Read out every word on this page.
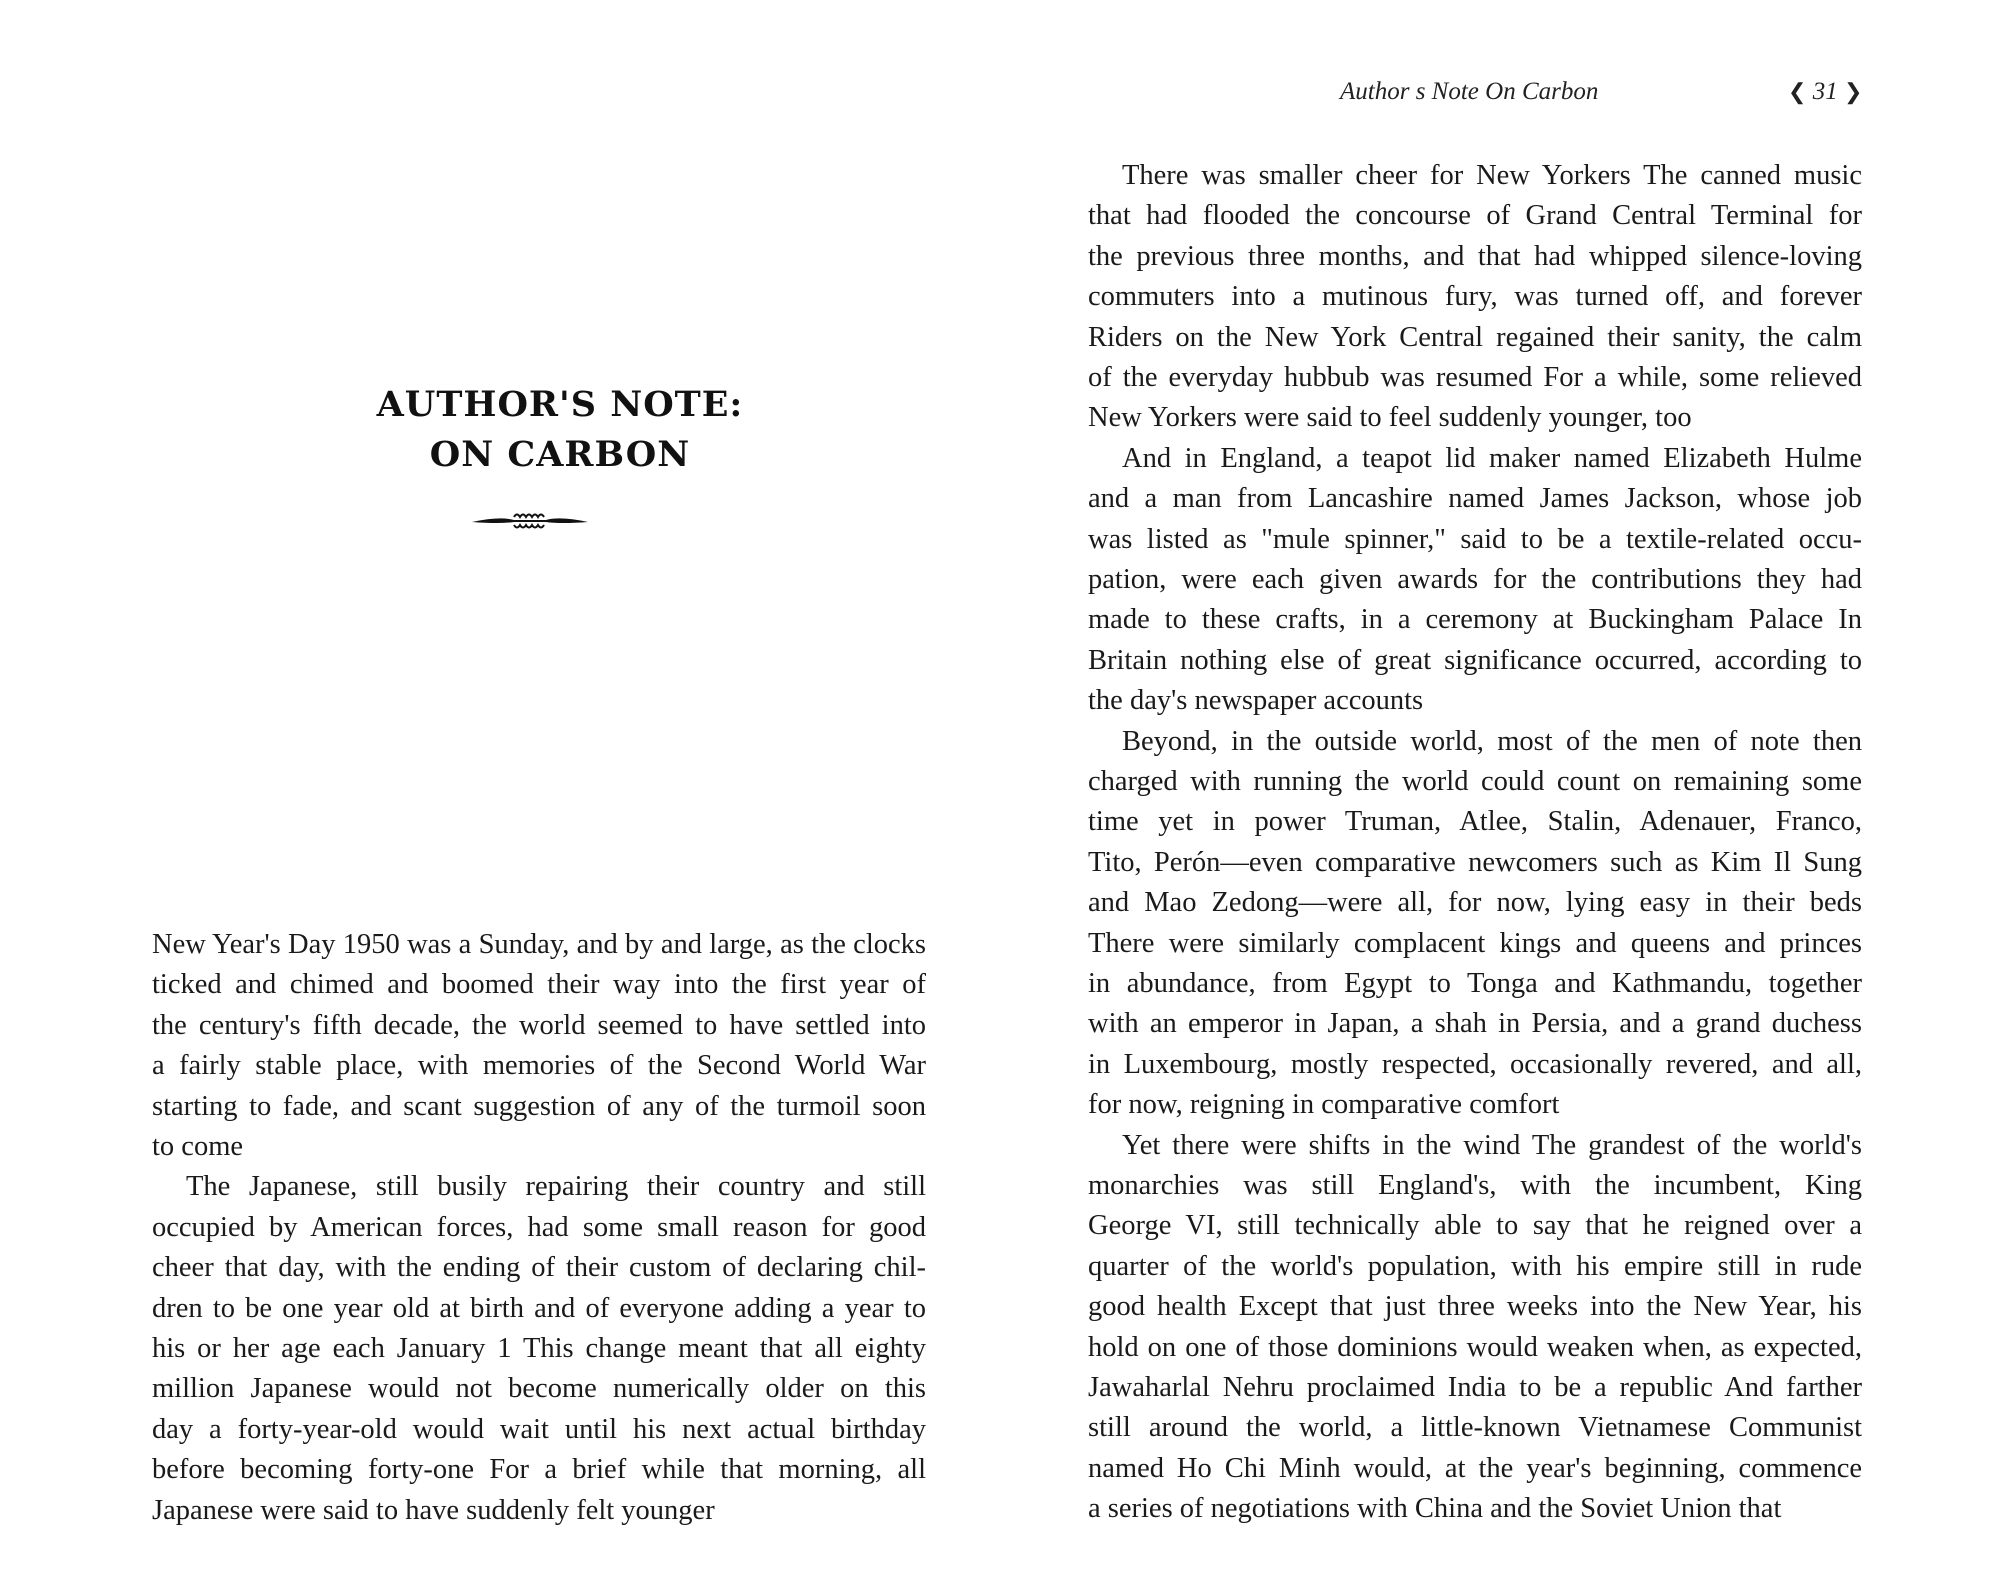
AUTHOR'S NOTE:
ON CARBON
New Year's Day 1950 was a Sunday, and by and large, as the clocks
ticked and chimed and boomed their way into the first year of
the century's fifth decade, the world seemed to have settled into
a fairly stable place, with memories of the Second World War
starting to fade, and scant suggestion of any of the turmoil soon
to come
The Japanese, still busily repairing their country and still
occupied by American forces, had some small reason for good
cheer that day, with the ending of their custom of declaring chil-
dren to be one year old at birth and of everyone adding a year to
his or her age each January 1 This change meant that all eighty
million Japanese would not become numerically older on this
day a forty-year-old would wait until his next actual birthday
before becoming forty-one For a brief while that morning, all
Japanese were said to have suddenly felt younger
Author s Note On Carbon	❮ 31 ❯
There was smaller cheer for New Yorkers The canned music
that had flooded the concourse of Grand Central Terminal for
the previous three months, and that had whipped silence-loving
commuters into a mutinous fury, was turned off, and forever
Riders on the New York Central regained their sanity, the calm
of the everyday hubbub was resumed For a while, some relieved
New Yorkers were said to feel suddenly younger, too
And in England, a teapot lid maker named Elizabeth Hulme
and a man from Lancashire named James Jackson, whose job
was listed as "mule spinner," said to be a textile-related occu-
pation, were each given awards for the contributions they had
made to these crafts, in a ceremony at Buckingham Palace In
Britain nothing else of great significance occurred, according to
the day's newspaper accounts
Beyond, in the outside world, most of the men of note then
charged with running the world could count on remaining some
time yet in power Truman, Atlee, Stalin, Adenauer, Franco,
Tito, Perón—even comparative newcomers such as Kim Il Sung
and Mao Zedong—were all, for now, lying easy in their beds
There were similarly complacent kings and queens and princes
in abundance, from Egypt to Tonga and Kathmandu, together
with an emperor in Japan, a shah in Persia, and a grand duchess
in Luxembourg, mostly respected, occasionally revered, and all,
for now, reigning in comparative comfort
Yet there were shifts in the wind The grandest of the world's
monarchies was still England's, with the incumbent, King
George VI, still technically able to say that he reigned over a
quarter of the world's population, with his empire still in rude
good health Except that just three weeks into the New Year, his
hold on one of those dominions would weaken when, as expected,
Jawaharlal Nehru proclaimed India to be a republic And farther
still around the world, a little-known Vietnamese Communist
named Ho Chi Minh would, at the year's beginning, commence
a series of negotiations with China and the Soviet Union that
